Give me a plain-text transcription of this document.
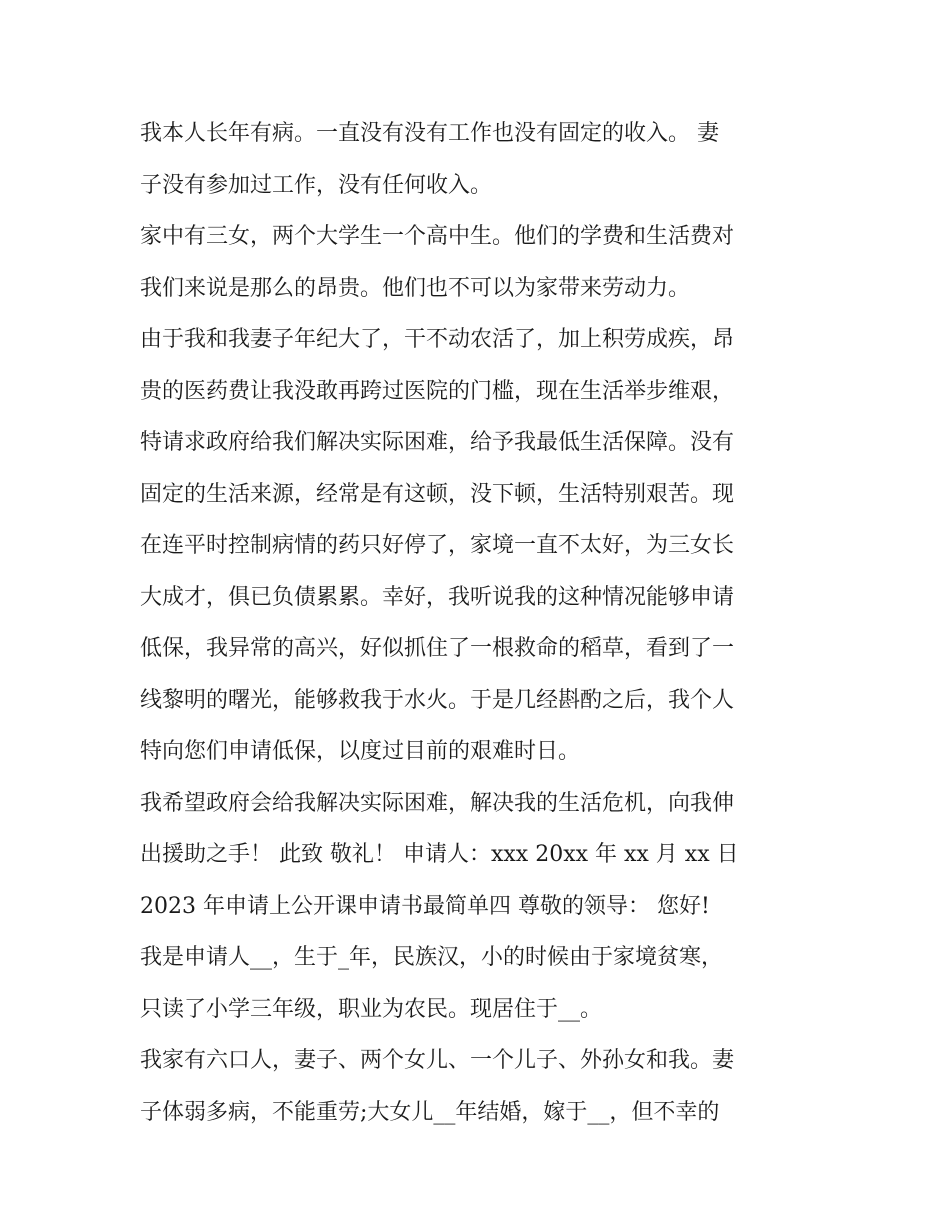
我本人长年有病。一直没有没有工作也没有固定的收入。 妻
子没有参加过工作，没有任何收入。
家中有三女，两个大学生一个高中生。他们的学费和生活费对
我们来说是那么的昂贵。他们也不可以为家带来劳动力。
由于我和我妻子年纪大了，干不动农活了，加上积劳成疾，昂
贵的医药费让我没敢再跨过医院的门槛，现在生活举步维艰，
特请求政府给我们解决实际困难，给予我最低生活保障。没有
固定的生活来源，经常是有这顿，没下顿，生活特别艰苦。现
在连平时控制病情的药只好停了，家境一直不太好，为三女长
大成才，俱已负债累累。幸好，我听说我的这种情况能够申请
低保，我异常的高兴，好似抓住了一根救命的稻草，看到了一
线黎明的曙光，能够救我于水火。于是几经斟酌之后，我个人
特向您们申请低保，以度过目前的艰难时日。
我希望政府会给我解决实际困难，解决我的生活危机，向我伸
出援助之手！ 此致 敬礼！ 申请人：xxx 20xx 年 xx 月 xx 日
2023 年申请上公开课申请书最简单四 尊敬的领导： 您好!
我是申请人__，生于_年，民族汉，小的时候由于家境贫寒，
只读了小学三年级，职业为农民。现居住于__。
我家有六口人，妻子、两个女儿、一个儿子、外孙女和我。妻
子体弱多病，不能重劳;大女儿__年结婚，嫁于__，但不幸的
